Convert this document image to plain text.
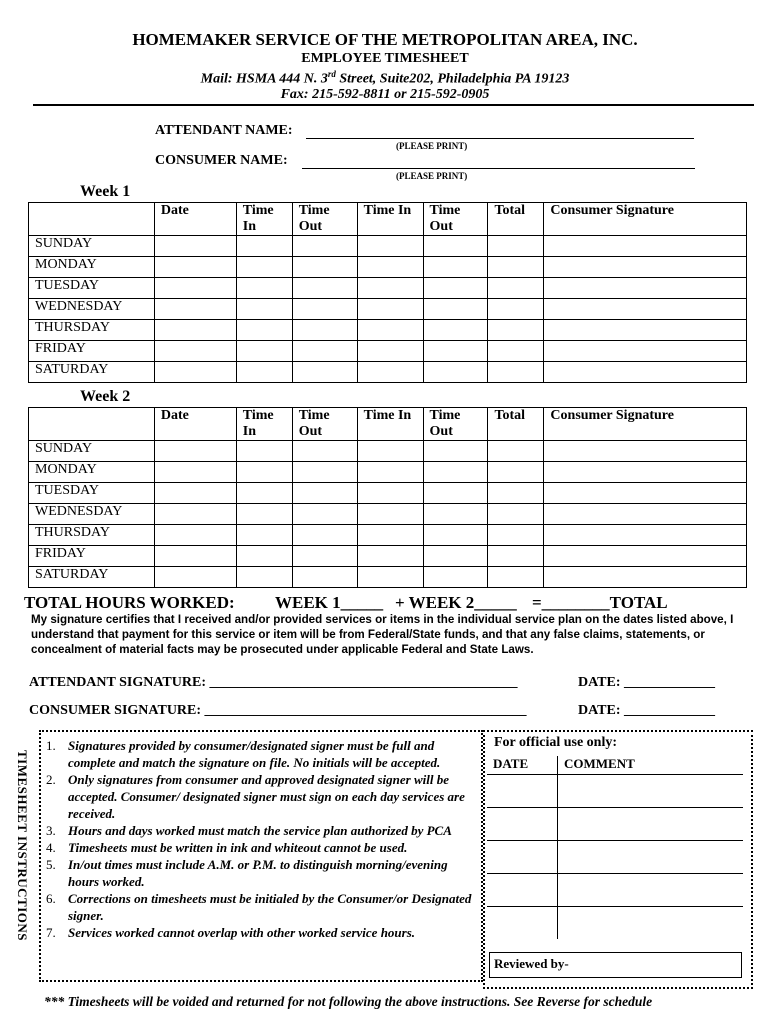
HOMEMAKER SERVICE OF THE METROPOLITAN AREA, INC.
EMPLOYEE TIMESHEET
Mail: HSMA 444 N. 3rd Street, Suite202, Philadelphia PA 19123
Fax: 215-592-8811 or 215-592-0905
ATTENDANT NAME:
(PLEASE PRINT)
CONSUMER NAME:
(PLEASE PRINT)
Week 1
	Date	Time In	Time Out	Time In	Time Out	Total	Consumer Signature
SUNDAY							
MONDAY							
TUESDAY							
WEDNESDAY							
THURSDAY							
FRIDAY							
SATURDAY							
Week 2
	Date	Time In	Time Out	Time In	Time Out	Total	Consumer Signature
SUNDAY							
MONDAY							
TUESDAY							
WEDNESDAY							
THURSDAY							
FRIDAY							
SATURDAY							
TOTAL HOURS WORKED: WEEK 1_____ + WEEK 2_____ =________TOTAL
My signature certifies that I received and/or provided services or items in the individual service plan on the dates listed above, I understand that payment for this service or item will be from Federal/State funds, and that any false claims, statements, or concealment of material facts may be prosecuted under applicable Federal and State Laws.
ATTENDANT SIGNATURE: ____________________________________________	DATE: _____________
CONSUMER SIGNATURE: ______________________________________________	DATE: _____________
TIMESHEET INSTRUCTIONS
1. Signatures provided by consumer/designated signer must be full and complete and match the signature on file. No initials will be accepted.
2. Only signatures from consumer and approved designated signer will be accepted. Consumer/ designated signer must sign on each day services are received.
3. Hours and days worked must match the service plan authorized by PCA
4. Timesheets must be written in ink and whiteout cannot be used.
5. In/out times must include A.M. or P.M. to distinguish morning/evening hours worked.
6. Corrections on timesheets must be initialed by the Consumer/or Designated signer.
7. Services worked cannot overlap with other worked service hours.
For official use only:
DATE	COMMENT

Reviewed by-
*** Timesheets will be voided and returned for not following the above instructions. See Reverse for schedule
